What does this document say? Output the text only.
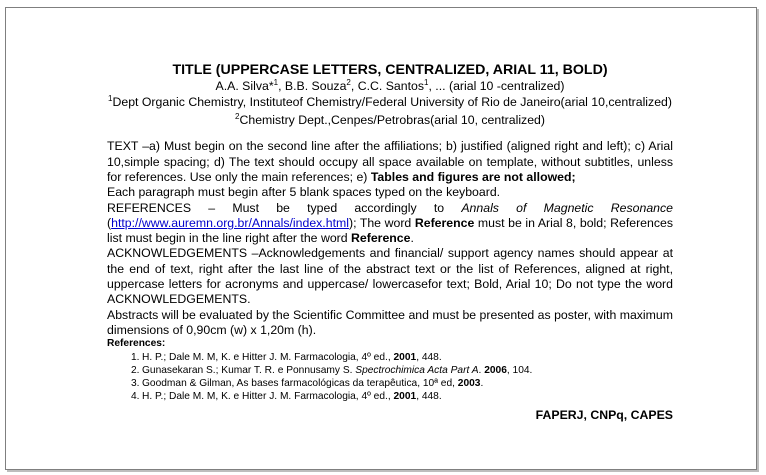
TITLE (UPPERCASE LETTERS, CENTRALIZED, ARIAL 11, BOLD)

A.A. Silva*$^1$, B.B. Souza$^2$, C.C. Santos$^1$, ... (arial 10 -centralized)

$^1$Dept Organic Chemistry, Instituteof Chemistry/Federal University of Rio de Janeiro(arial 10,centralized)

$^2$Chemistry Dept.,Cenpes/Petrobras(arial 10, centralized)

TEXT –a) Must begin on the second line after the affiliations; b) justified (aligned right and left); c) Arial 10,simple spacing; d) The text should occupy all space available on template, without subtitles, unless for references. Use only the main references; e) Tables and figures are not allowed;

Each paragraph must begin after 5 blank spaces typed on the keyboard.

REFERENCES – Must be typed accordingly to Annals of Magnetic Resonance (http://www.auremn.org.br/Annals/index.html); The word Reference must be in Arial 8, bold; References list must begin in the line right after the word Reference.

ACKNOWLEDGEMENTS –Acknowledgements and financial/ support agency names should appear at the end of text, right after the last line of the abstract text or the list of References, aligned at right, uppercase letters for acronyms and uppercase/ lowercasefor text; Bold, Arial 10; Do not type the word ACKNOWLEDGEMENTS.

Abstracts will be evaluated by the Scientific Committee and must be presented as poster, with maximum dimensions of 0,90cm (w) x 1,20m (h).

References:

1. H. P.; Dale M. M, K. e Hitter J. M. Farmacologia, 4º ed., 2001, 448.
2. Gunasekaran S.; Kumar T. R. e Ponnusamy S. Spectrochimica Acta Part A. 2006, 104.
3. Goodman & Gilman, As bases farmacológicas da terapêutica, 10ª ed, 2003.
4. H. P.; Dale M. M, K. e Hitter J. M. Farmacologia, 4º ed., 2001, 448.

FAPERJ, CNPq, CAPES
